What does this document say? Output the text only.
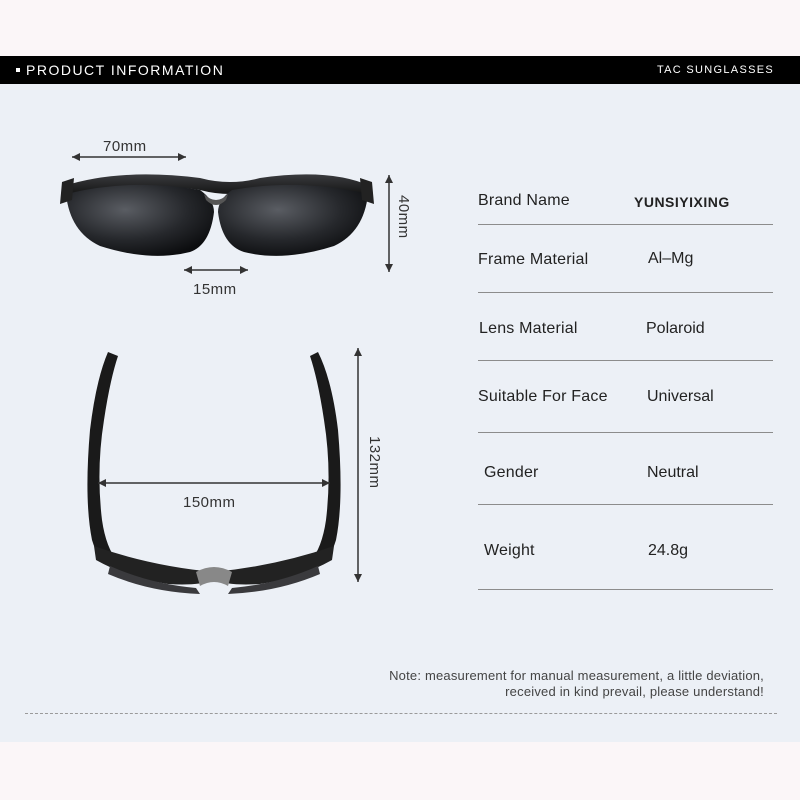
PRODUCT INFORMATION	TAC SUNGLASSES
70mm
15mm
40mm
150mm
132mm
Brand Name	YUNSIYIXING
Frame Material	Al–Mg
Lens Material	Polaroid
Suitable For Face Universal
Gender	Neutral
Weight	24.8g
Note: measurement for manual measurement, a little deviation,
received in kind prevail, please understand!
